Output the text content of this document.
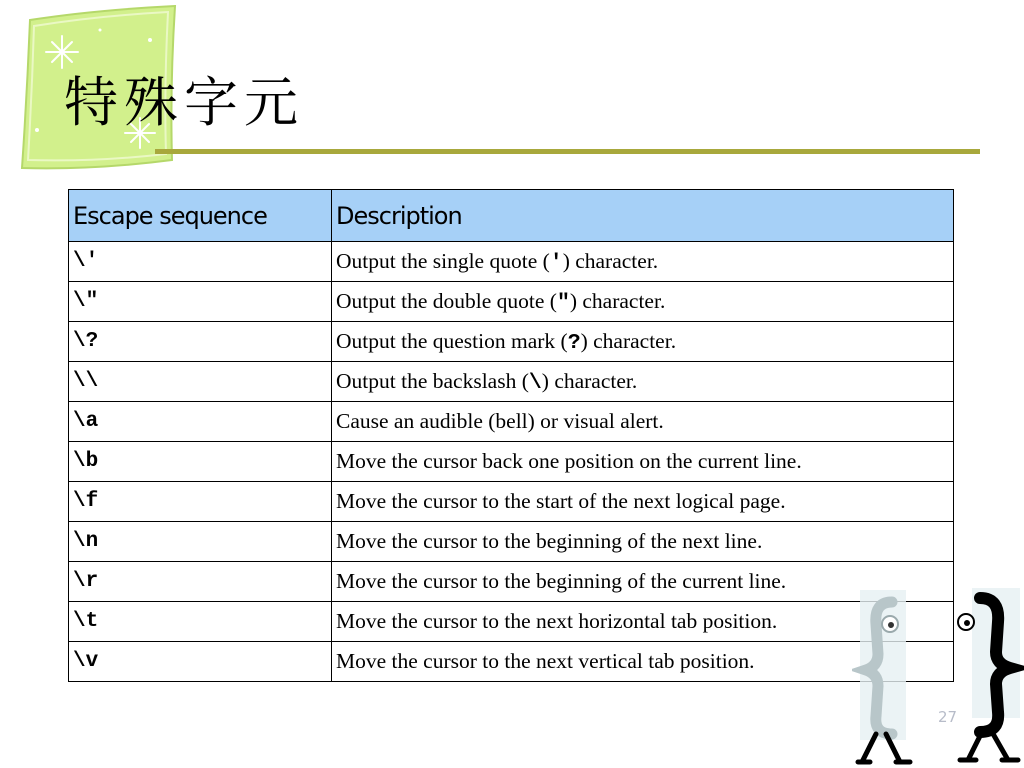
特殊字元
Escape sequence	Description
\'	Output the single quote (') character.
\"	Output the double quote (") character.
\?	Output the question mark (?) character.
\\	Output the backslash (\) character.
\a	Cause an audible (bell) or visual alert.
\b	Move the cursor back one position on the current line.
\f	Move the cursor to the start of the next logical page.
\n	Move the cursor to the beginning of the next line.
\r	Move the cursor to the beginning of the current line.
\t	Move the cursor to the next horizontal tab position.
\v	Move the cursor to the next vertical tab position.
27
